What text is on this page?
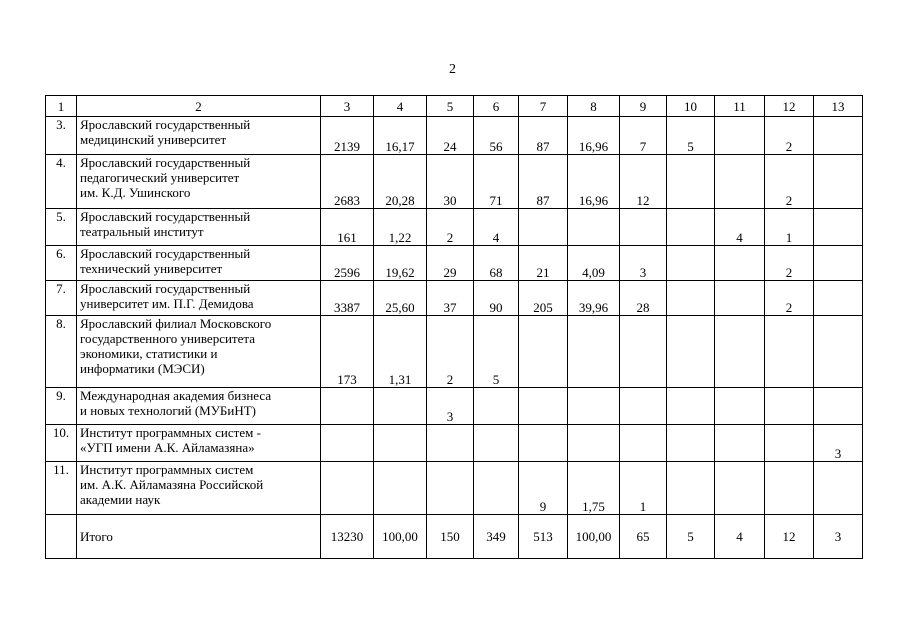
2
1	2	3	4	5	6	7	8	9	10	11	12	13
3.	Ярославский государственный
медицинский университет	2139	16,17	24	56	87	16,96	7	5		2	
4.	Ярославский государственный
педагогический университет
им. К.Д. Ушинского	2683	20,28	30	71	87	16,96	12			2	
5.	Ярославский государственный
театральный институт	161	1,22	2	4					4	1	
6.	Ярославский государственный
технический университет	2596	19,62	29	68	21	4,09	3			2	
7.	Ярославский государственный
университет им. П.Г. Демидова	3387	25,60	37	90	205	39,96	28			2	
8.	Ярославский филиал Московского
государственного университета
экономики, статистики и
информатики (МЭСИ)	173	1,31	2	5							
9.	Международная академия бизнеса
и новых технологий (МУБиНТ)			3								
10.	Институт программных систем -
«УГП имени А.К. Айламазяна»											3
11.	Институт программных систем
им. А.К. Айламазяна Российской
академии наук					9	1,75	1				
	Итого	13230	100,00	150	349	513	100,00	65	5	4	12	3
